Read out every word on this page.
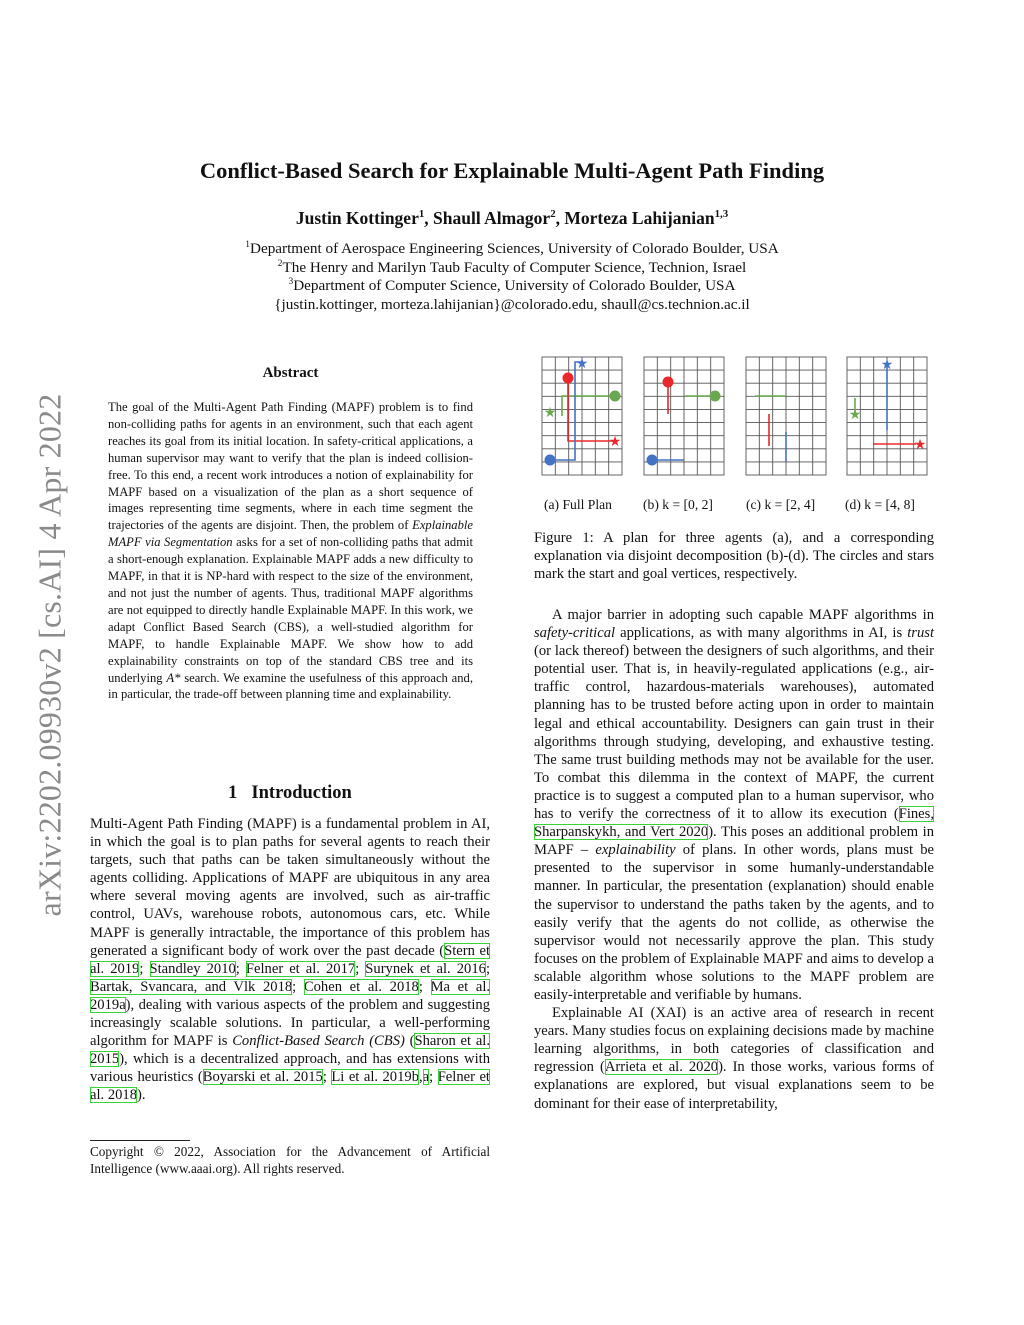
arXiv:2202.09930v2 [cs.AI] 4 Apr 2022
Conflict-Based Search for Explainable Multi-Agent Path Finding
Justin Kottinger$^1$, Shaull Almagor$^2$, Morteza Lahijanian$^{1,3}$
$^1$Department of Aerospace Engineering Sciences, University of Colorado Boulder, USA
$^2$The Henry and Marilyn Taub Faculty of Computer Science, Technion, Israel
$^3$Department of Computer Science, University of Colorado Boulder, USA
{justin.kottinger, morteza.lahijanian}@colorado.edu, shaull@cs.technion.ac.il
Abstract

The goal of the Multi-Agent Path Finding (MAPF) problem is to find non-colliding paths for agents in an environment, such that each agent reaches its goal from its initial location. In safety-critical applications, a human supervisor may want to verify that the plan is indeed collision-free. To this end, a recent work introduces a notion of explainability for MAPF based on a visualization of the plan as a short sequence of images representing time segments, where in each time segment the trajectories of the agents are disjoint. Then, the problem of Explainable MAPF via Segmentation asks for a set of non-colliding paths that admit a short-enough explanation. Explainable MAPF adds a new difficulty to MAPF, in that it is NP-hard with respect to the size of the environment, and not just the number of agents. Thus, traditional MAPF algorithms are not equipped to directly handle Explainable MAPF. In this work, we adapt Conflict Based Search (CBS), a well-studied algorithm for MAPF, to handle Explainable MAPF. We show how to add explainability constraints on top of the standard CBS tree and its underlying A* search. We examine the usefulness of this approach and, in particular, the trade-off between planning time and explainability.

1 Introduction

Multi-Agent Path Finding (MAPF) is a fundamental problem in AI, in which the goal is to plan paths for several agents to reach their targets, such that paths can be taken simultaneously without the agents colliding. Applications of MAPF are ubiquitous in any area where several moving agents are involved, such as air-traffic control, UAVs, warehouse robots, autonomous cars, etc. While MAPF is generally intractable, the importance of this problem has generated a significant body of work over the past decade (Stern et al. 2019; Standley 2010; Felner et al. 2017; Surynek et al. 2016; Bartak, Svancara, and Vlk 2018; Cohen et al. 2018; Ma et al. 2019a), dealing with various aspects of the problem and suggesting increasingly scalable solutions. In particular, a well-performing algorithm for MAPF is Conflict-Based Search (CBS) (Sharon et al. 2015), which is a decentralized approach, and has extensions with various heuristics (Boyarski et al. 2015; Li et al. 2019b,a; Felner et al. 2018).

Copyright © 2022, Association for the Advancement of Artificial Intelligence (www.aaai.org). All rights reserved.
★
★
★
★
★
★
(a) Full Plan (b) k = [0, 2] (c) k = [2, 4] (d) k = [4, 8]
Figure 1: A plan for three agents (a), and a corresponding explanation via disjoint decomposition (b)-(d). The circles and stars mark the start and goal vertices, respectively.

A major barrier in adopting such capable MAPF algorithms in safety-critical applications, as with many algorithms in AI, is trust (or lack thereof) between the designers of such algorithms, and their potential user. That is, in heavily-regulated applications (e.g., air-traffic control, hazardous-materials warehouses), automated planning has to be trusted before acting upon in order to maintain legal and ethical accountability. Designers can gain trust in their algorithms through studying, developing, and exhaustive testing. The same trust building methods may not be available for the user. To combat this dilemma in the context of MAPF, the current practice is to suggest a computed plan to a human supervisor, who has to verify the correctness of it to allow its execution (Fines, Sharpanskykh, and Vert 2020). This poses an additional problem in MAPF – explainability of plans. In other words, plans must be presented to the supervisor in some humanly-understandable manner. In particular, the presentation (explanation) should enable the supervisor to understand the paths taken by the agents, and to easily verify that the agents do not collide, as otherwise the supervisor would not necessarily approve the plan. This study focuses on the problem of Explainable MAPF and aims to develop a scalable algorithm whose solutions to the MAPF problem are easily-interpretable and verifiable by humans.

Explainable AI (XAI) is an active area of research in recent years. Many studies focus on explaining decisions made by machine learning algorithms, in both categories of classification and regression (Arrieta et al. 2020). In those works, various forms of explanations are explored, but visual explanations seem to be dominant for their ease of interpretability,
